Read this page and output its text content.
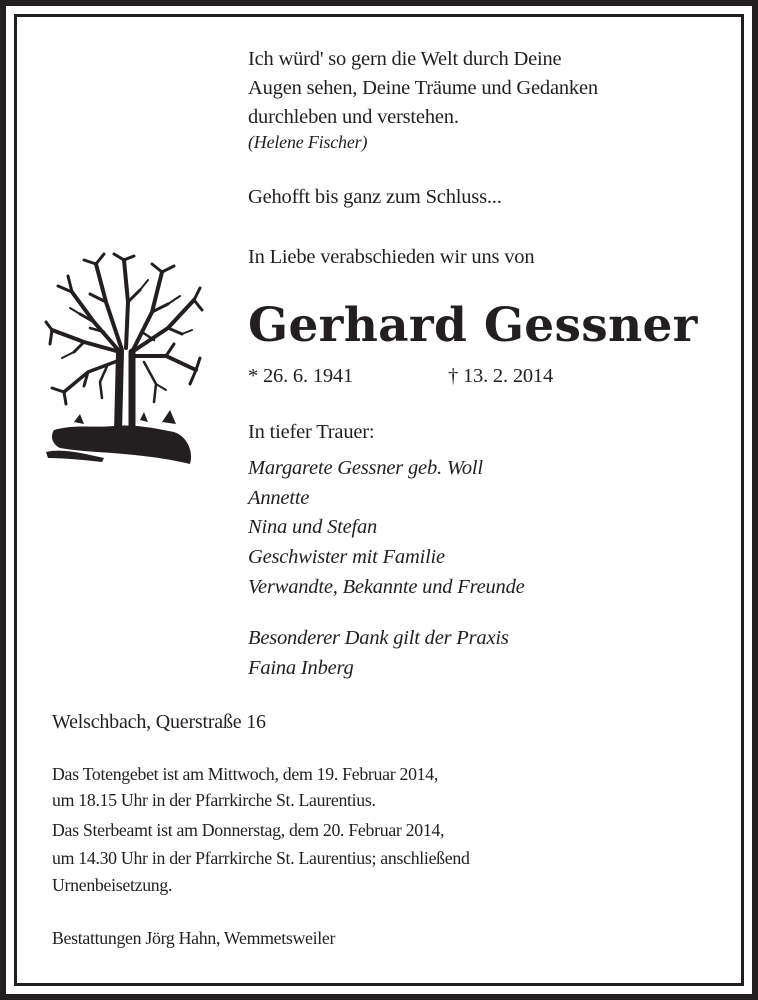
Ich würd' so gern die Welt durch Deine
Augen sehen, Deine Träume und Gedanken
durchleben und verstehen.
(Helene Fischer)
Gehofft bis ganz zum Schluss...
In Liebe verabschieden wir uns von
Gerhard Gessner
* 26. 6. 1941	† 13. 2. 2014
In tiefer Trauer:
Margarete Gessner geb. Woll
Annette
Nina und Stefan
Geschwister mit Familie
Verwandte, Bekannte und Freunde
Besonderer Dank gilt der Praxis
Faina Inberg
Welschbach, Querstraße 16
Das Totengebet ist am Mittwoch, dem 19. Februar 2014,
um 18.15 Uhr in der Pfarrkirche St. Laurentius.
Das Sterbeamt ist am Donnerstag, dem 20. Februar 2014,
um 14.30 Uhr in der Pfarrkirche St. Laurentius; anschließend
Urnenbeisetzung.
Bestattungen Jörg Hahn, Wemmetsweiler
